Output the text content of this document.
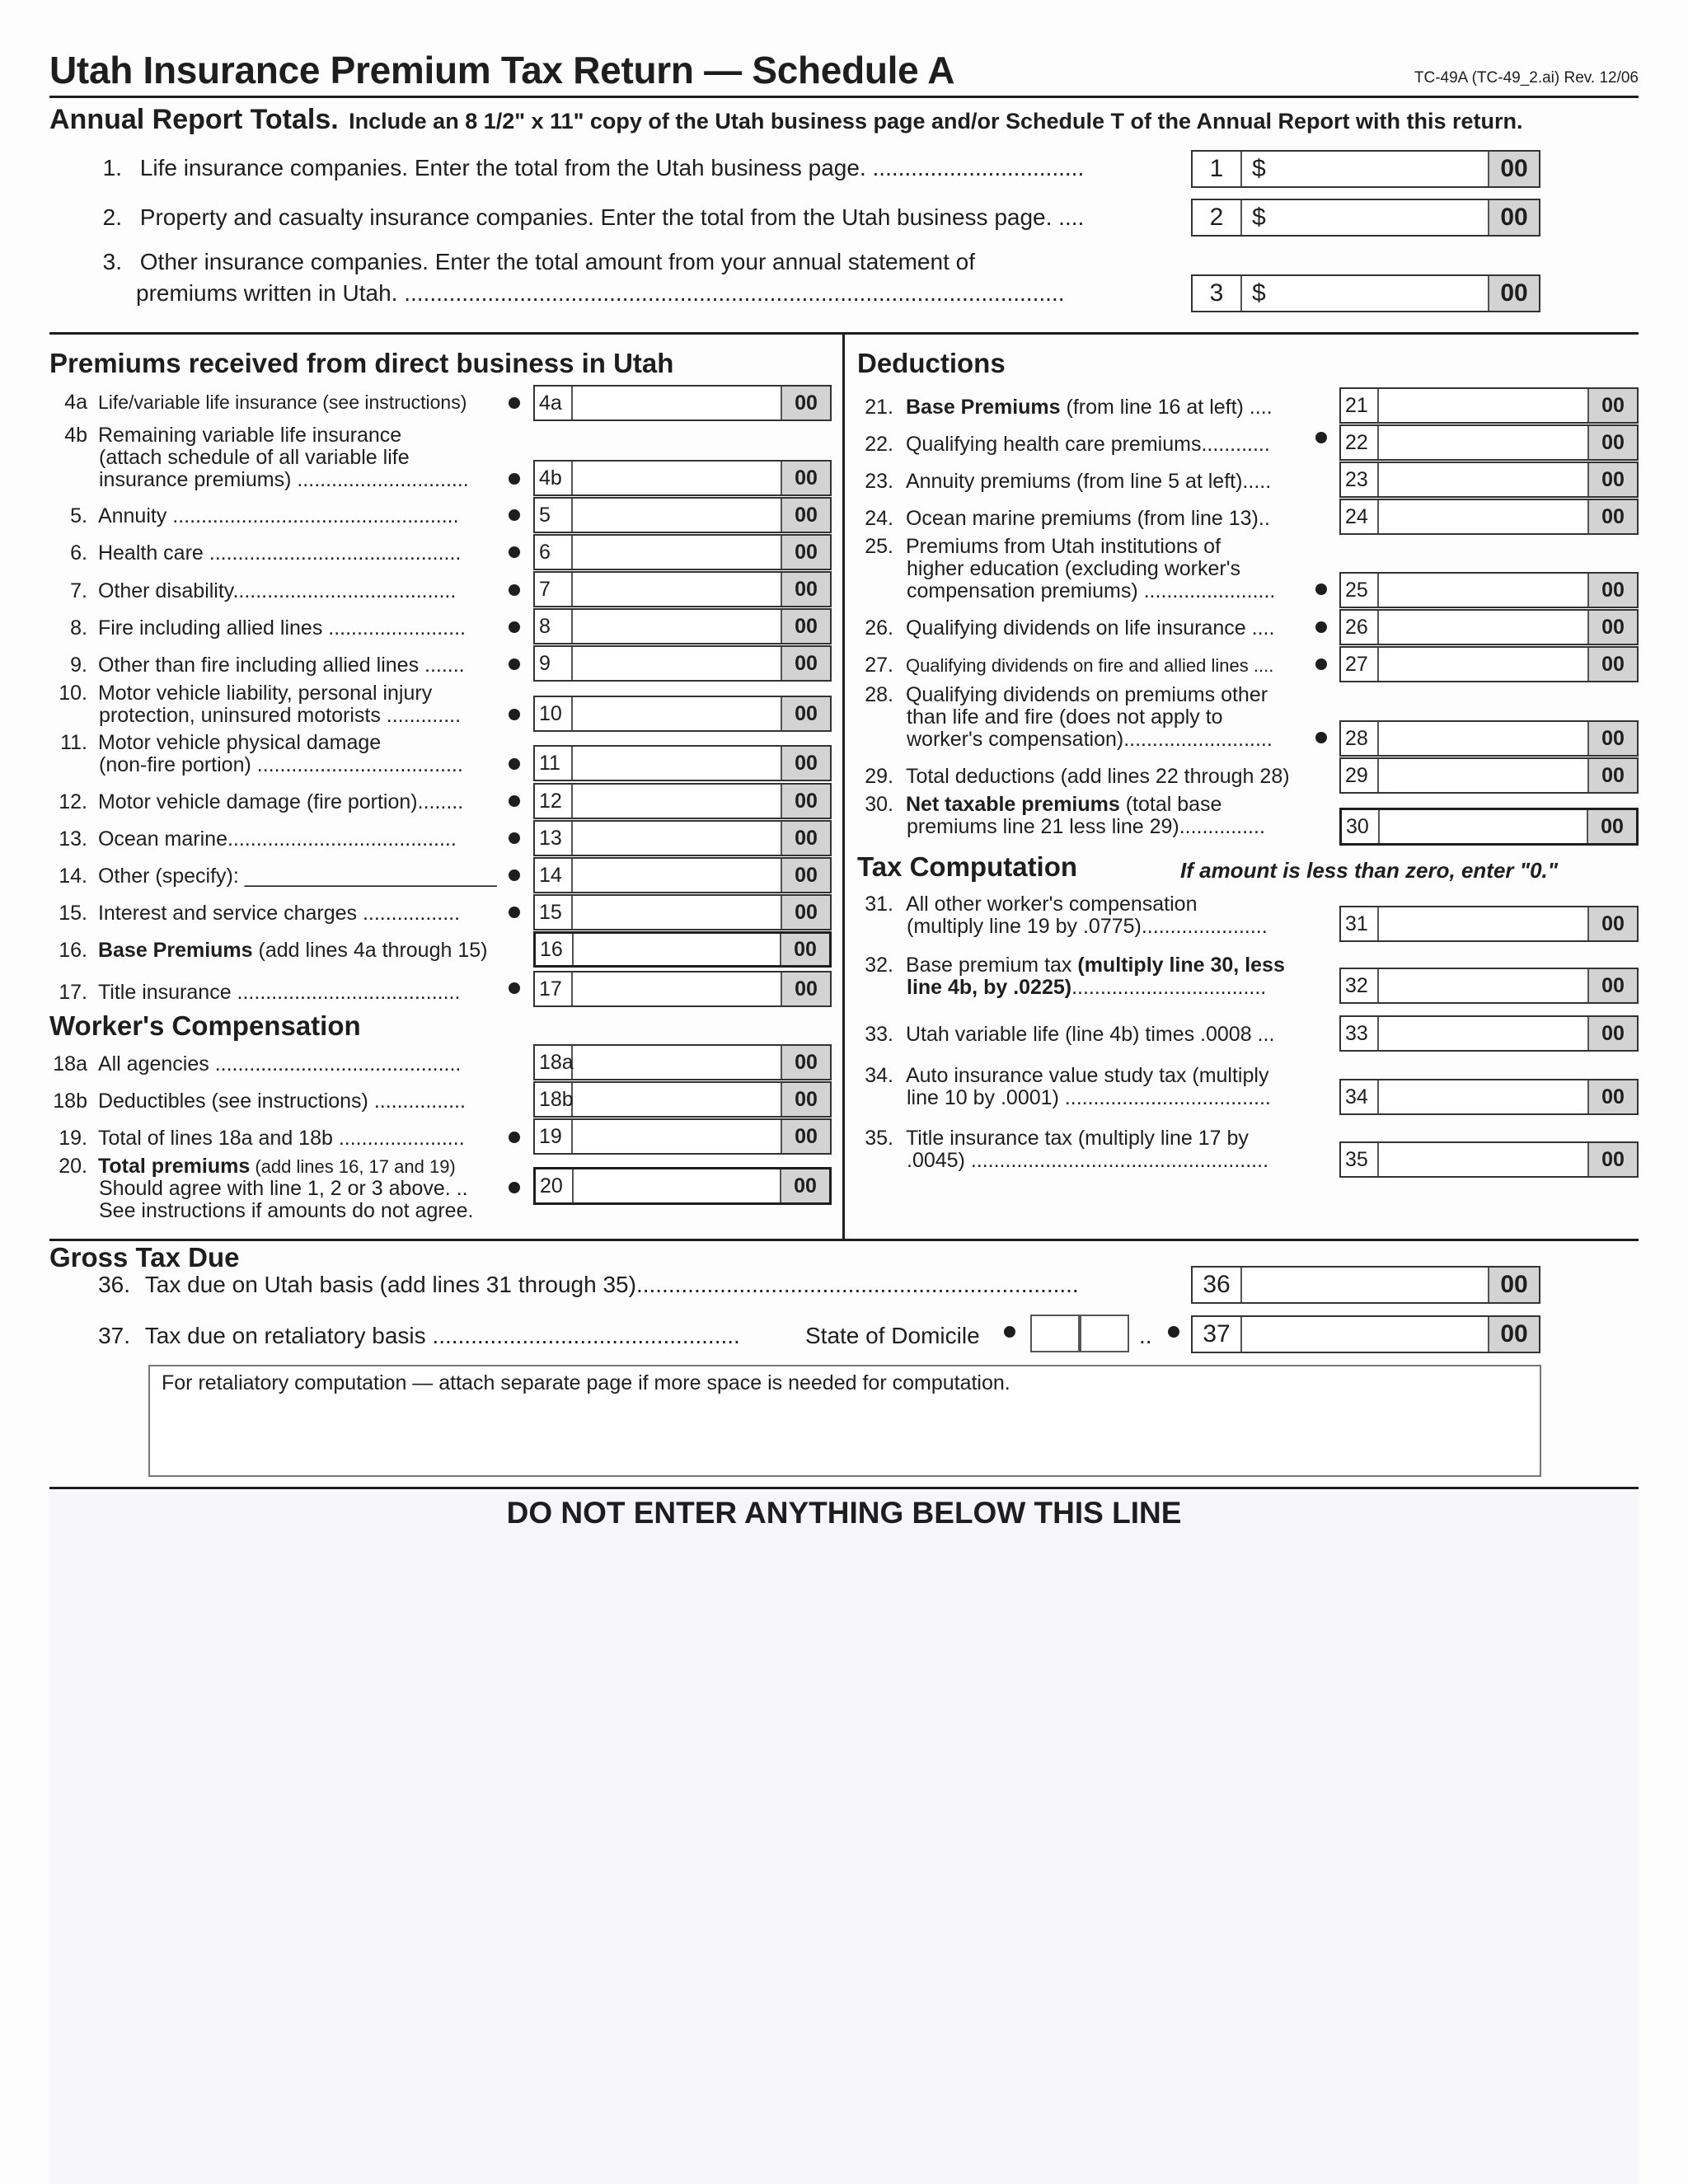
Utah Insurance Premium Tax Return — Schedule A	TC-49A (TC-49_2.ai) Rev. 12/06
Annual Report Totals. Include an 8 1/2" x 11" copy of the Utah business page and/or Schedule T of the Annual Report with this return.
1. Life insurance companies. Enter the total from the Utah business page. .................................	1	$	00
2. Property and casualty insurance companies. Enter the total from the Utah business page. ....	2	$	00
3. Other insurance companies. Enter the total amount from your annual statement of
premiums written in Utah. .......................................................................................................	3	$	00
Premiums received from direct business in Utah
4a Life/variable life insurance (see instructions)	4a	00
4b Remaining variable life insurance
(attach schedule of all variable life
insurance premiums) ..............................	4b	00
5. Annuity ..................................................	5	00
6. Health care ............................................	6	00
7. Other disability.......................................	7	00
8. Fire including allied lines ........................	8	00
9. Other than fire including allied lines .......	9	00
10. Motor vehicle liability, personal injury
protection, uninsured motorists .............	10	00
11. Motor vehicle physical damage
(non-fire portion) ....................................	11	00
12. Motor vehicle damage (fire portion)........	12	00
13. Ocean marine........................................	13	00
14. Other (specify): ______________________ 14	00
15. Interest and service charges .................	15	00
16. Base Premiums (add lines 4a through 15)	16	00
17. Title insurance .......................................	17	00
Worker's Compensation
18a All agencies ...........................................	18a	00
18b Deductibles (see instructions) ................	18b	00
19. Total of lines 18a and 18b ......................	19	00
20. Total premiums (add lines 16, 17 and 19)
Should agree with line 1, 2 or 3 above. ..
See instructions if amounts do not agree.
20	00
Deductions
21. Base Premiums (from line 16 at left) ....	21	00
22. Qualifying health care premiums............	22	00
23. Annuity premiums (from line 5 at left).....	23	00
24. Ocean marine premiums (from line 13)..	24	00
25. Premiums from Utah institutions of
higher education (excluding worker's
compensation premiums) .......................	25	00
26. Qualifying dividends on life insurance ....	26	00
27. Qualifying dividends on fire and allied lines ....	27	00
28. Qualifying dividends on premiums other
than life and fire (does not apply to
worker's compensation)..........................	28	00
29. Total deductions (add lines 22 through 28)	29	00
30. Net taxable premiums (total base
premiums line 21 less line 29)...............	30	00
Tax Computation	If amount is less than zero, enter "0."
31. All other worker's compensation
(multiply line 19 by .0775)......................	31	00
32. Base premium tax (multiply line 30, less
line 4b, by .0225)..................................	32	00
33. Utah variable life (line 4b) times .0008 ...	33	00
34. Auto insurance value study tax (multiply
line 10 by .0001) ....................................	34	00
35. Title insurance tax (multiply line 17 by
.0045) ....................................................	35	00
Gross Tax Due
36. Tax due on Utah basis (add lines 31 through 35).....................................................................	36	00
37. Tax due on retaliatory basis ................................................	State of Domicile	..	37	00
For retaliatory computation — attach separate page if more space is needed for computation.
DO NOT ENTER ANYTHING BELOW THIS LINE
